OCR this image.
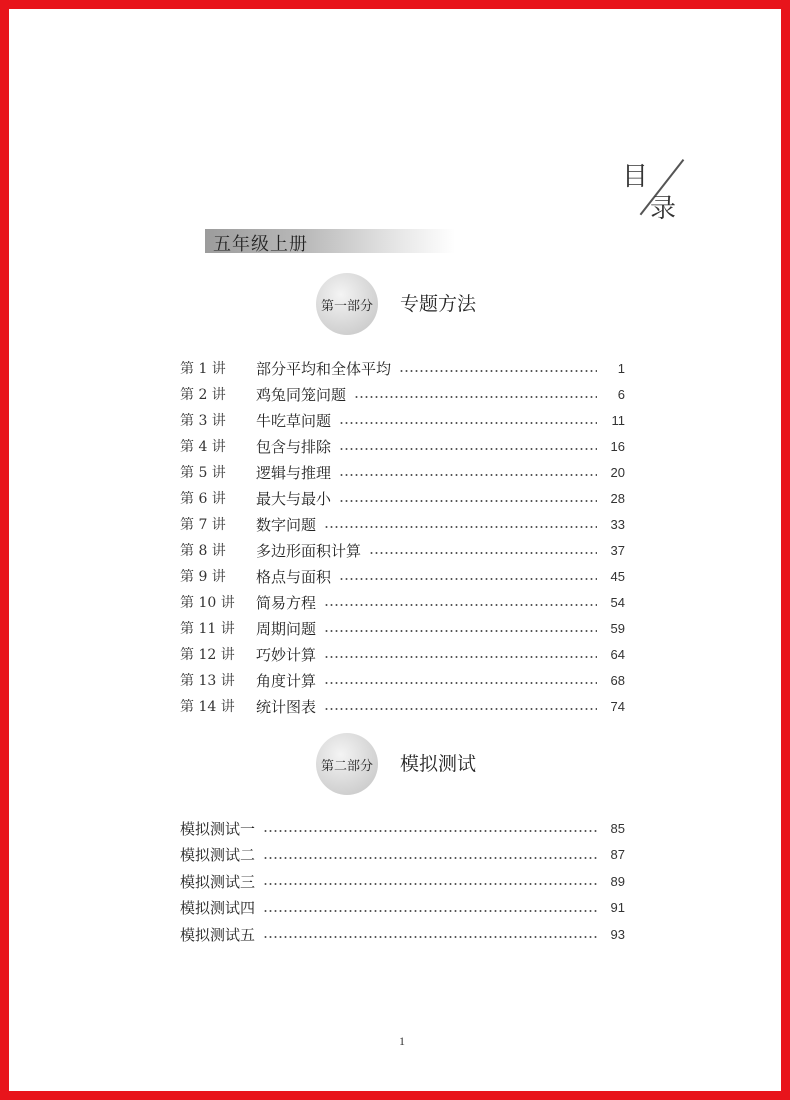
目
录
五年级上册
第一部分 专题方法
第 1 讲	部分平均和全体平均	1
第 2 讲	鸡兔同笼问题	6
第 3 讲	牛吃草问题	11
第 4 讲	包含与排除	16
第 5 讲	逻辑与推理	20
第 6 讲	最大与最小	28
第 7 讲	数字问题	33
第 8 讲	多边形面积计算	37
第 9 讲	格点与面积	45
第 10 讲	简易方程	54
第 11 讲	周期问题	59
第 12 讲	巧妙计算	64
第 13 讲	角度计算	68
第 14 讲	统计图表	74
第二部分 模拟测试
模拟测试一	85
模拟测试二	87
模拟测试三	89
模拟测试四	91
模拟测试五	93
1
